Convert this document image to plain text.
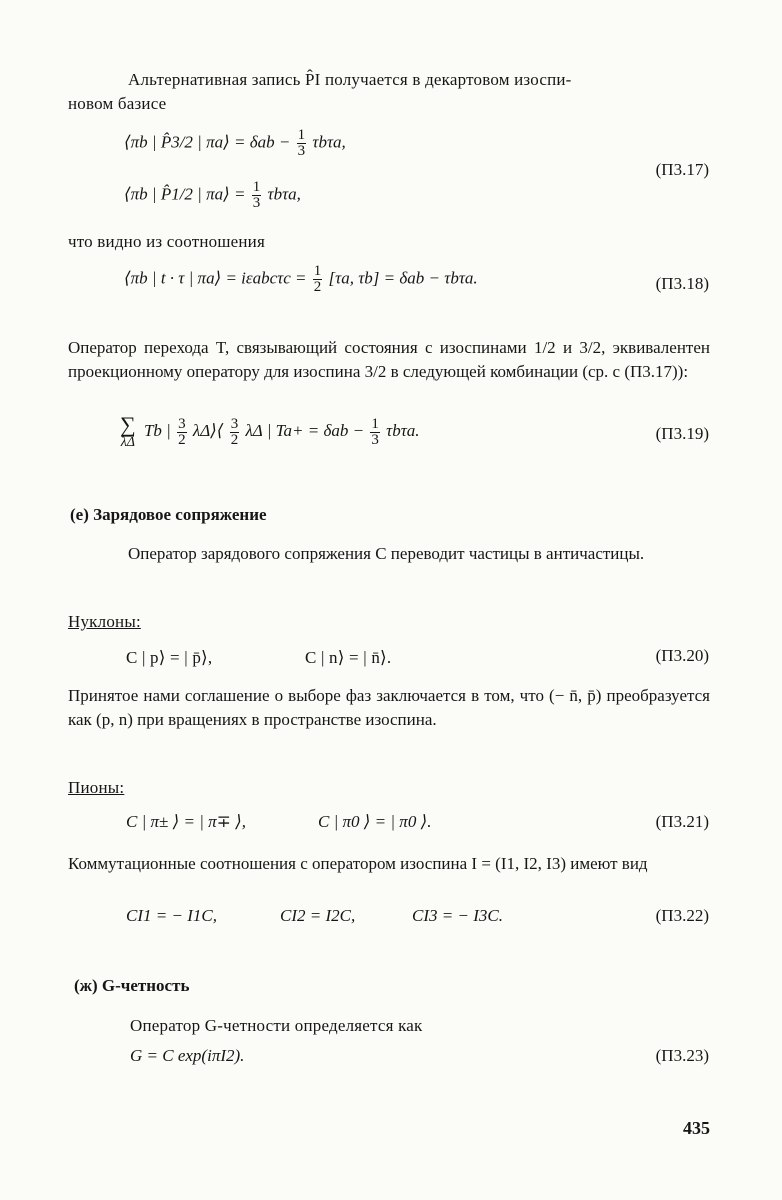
Альтернативная запись P̂I получается в декартовом изоспи-
новом базисе
⟨πb | P̂3/2 | πa⟩ = $\delta ab - \frac{1}{3} \tau b\tau a$,
⟨πb | P̂1/2 | πa⟩ = $\frac{1}{3} \tau b\tau a$,
(П3.17)
что видно из соотношения
⟨πb | t · τ | πa⟩ = $i\varepsilon abc\tau c = \frac{1}{2} [\tau a$, τb] = δab − τbτa.	(П3.18)
Оператор перехода T, связывающий состояния с изоспинами 1/2 и 3/2, эквивалентен проекционному оператору для изоспина 3/2 в следующей комбинации (ср. с (П3.17)):
∑
λΔ
Tb | $\frac{3}{2}$ λΔ⟩⟨ $\frac{3}{2}$ λΔ | $Ta+ = \delta ab - \frac{1}{3} \tau b\tau a$.	(П3.19)
(е) Зарядовое сопряжение
Оператор зарядового сопряжения C переводит частицы в античастицы.
Нуклоны:
C | p⟩ = | p̄⟩,	C | n⟩ = | n̄⟩.	(П3.20)
Принятое нами соглашение о выборе фаз заключается в том, что (− n̄, p̄) преобразуется как (p, n) при вращениях в пространстве изоспина.
Пионы:
C | π± ⟩ = | π∓ ⟩,	C | π0 ⟩ = | π0 ⟩.	(П3.21)
Коммутационные соотношения с оператором изоспина I = (I1, I2, I3) имеют вид
CI1 = − I1C,	CI2 = I2C,	CI3 = − I3C.	(П3.22)
(ж) G-четность
Оператор G-четности определяется как
G = C exp(iπI2).	(П3.23)
435
